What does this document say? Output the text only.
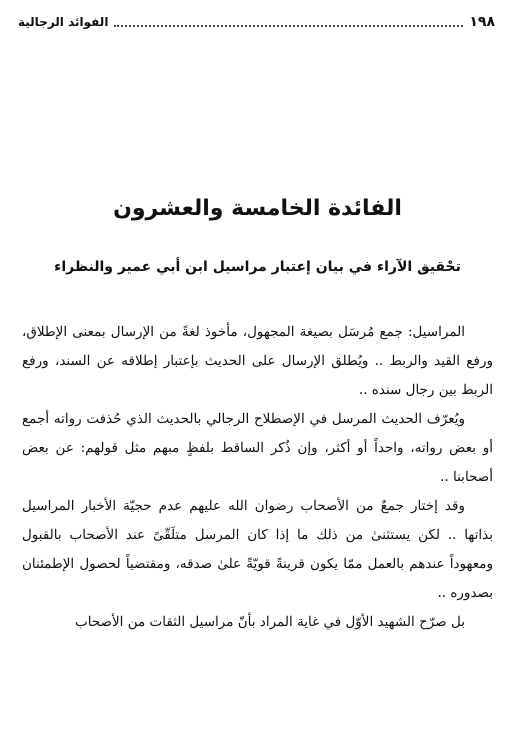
١٩٨
الفوائد الرجالية
الفائدة الخامسة والعشرون
تحْقيق الآراء في بيان إعتبار مراسيل ابن أبي عمير والنظراء

المراسيل: جمع مُرسَل بصيغة المجهول، مأخوذ لغةً من الإرسال بمعنى الإطلاق، ورفع القيد والربط .. ويُطلق الإرسال على الحديث بإعتبار إطلاقه عن السند، ورفع الربط بين رجال سنده ..

ويُعرّف الحديث المرسل في الإصطلاح الرجالي بالحديث الذي حُذفت رواته أجمع أو بعض رواته، واحداً أو أكثر، وإن ذُكر الساقط بلفظٍ مبهم مثل قولهم: عن بعض أصحابنا ..

وقد إختار جمعٌ من الأصحاب رضوان الله عليهم عدم حجيّة الأخبار المراسيل بذاتها .. لكن يستثنىٰ من ذلك ما إذا كان المرسل متلَقّىً عند الأصحاب بالقبول ومعهوداً عندهم بالعمل ممّا يكون قرينةً قويّةً علىٰ صدقه، ومقتضياً لحصول الإطمئنان بصدوره ..

بل صرّح الشهيد الأوّل في غاية المراد بأنّ مراسيل الثقات من الأصحاب
